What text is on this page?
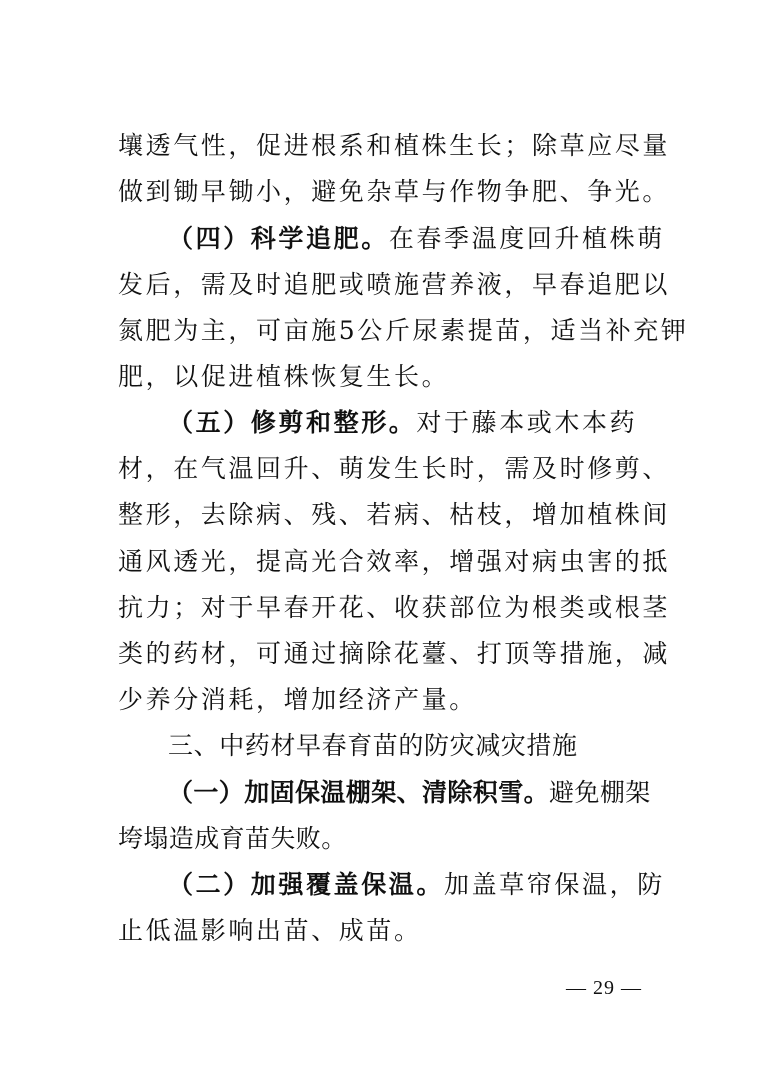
壤透气性，促进根系和植株生长；除草应尽量
做到锄早锄小，避免杂草与作物争肥、争光。
（四）科学追肥。在春季温度回升植株萌
发后，需及时追肥或喷施营养液，早春追肥以
氮肥为主，可亩施5公斤尿素提苗，适当补充钾
肥，以促进植株恢复生长。
（五）修剪和整形。对于藤本或木本药
材，在气温回升、萌发生长时，需及时修剪、
整形，去除病、残、若病、枯枝，增加植株间
通风透光，提高光合效率，增强对病虫害的抵
抗力；对于早春开花、收获部位为根类或根茎
类的药材，可通过摘除花薹、打顶等措施，减
少养分消耗，增加经济产量。
三、中药材早春育苗的防灾减灾措施
（一）加固保温棚架、清除积雪。避免棚架
垮塌造成育苗失败。
（二）加强覆盖保温。加盖草帘保温，防
止低温影响出苗、成苗。
— 29 —
